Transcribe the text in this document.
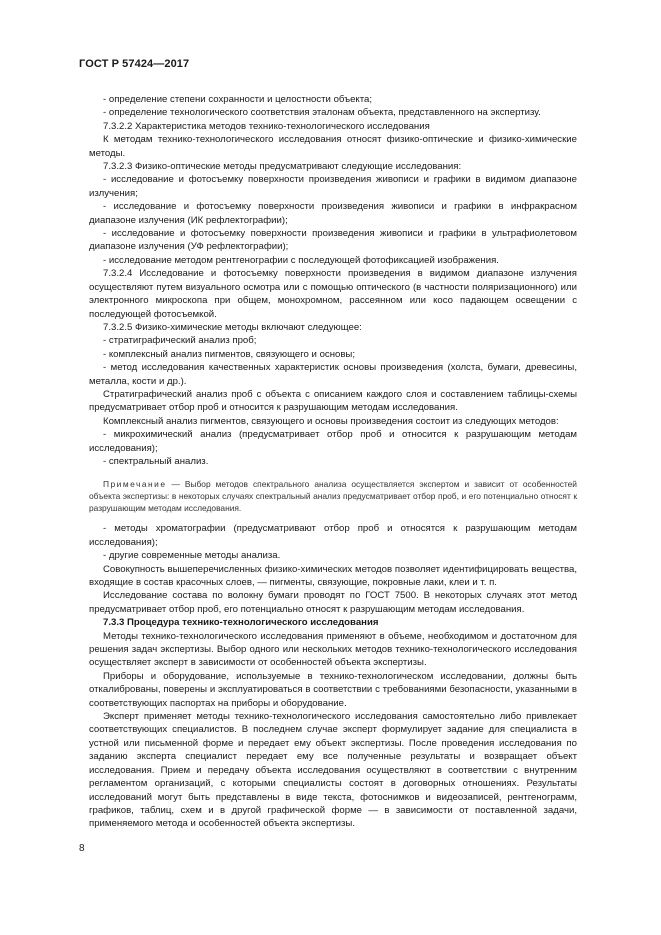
ГОСТ Р 57424—2017

- определение степени сохранности и целостности объекта;

- определение технологического соответствия эталонам объекта, представленного на экспертизу.

7.3.2.2 Характеристика методов технико-технологического исследования

К методам технико-технологического исследования относят физико-оптические и физико-химические методы.

7.3.2.3 Физико-оптические методы предусматривают следующие исследования:

- исследование и фотосъемку поверхности произведения живописи и графики в видимом диапазоне излучения;

- исследование и фотосъемку поверхности произведения живописи и графики в инфракрасном диапазоне излучения (ИК рефлектографии);

- исследование и фотосъемку поверхности произведения живописи и графики в ультрафиолетовом диапазоне излучения (УФ рефлектографии);

- исследование методом рентгенографии с последующей фотофиксацией изображения.

7.3.2.4 Исследование и фотосъемку поверхности произведения в видимом диапазоне излучения осуществляют путем визуального осмотра или с помощью оптического (в частности поляризационного) или электронного микроскопа при общем, монохромном, рассеянном или косо падающем освещении с последующей фотосъемкой.

7.3.2.5 Физико-химические методы включают следующее:

- стратиграфический анализ проб;

- комплексный анализ пигментов, связующего и основы;

- метод исследования качественных характеристик основы произведения (холста, бумаги, древесины, металла, кости и др.).

Стратиграфический анализ проб с объекта с описанием каждого слоя и составлением таблицы-схемы предусматривает отбор проб и относится к разрушающим методам исследования.

Комплексный анализ пигментов, связующего и основы произведения состоит из следующих методов:

- микрохимический анализ (предусматривает отбор проб и относится к разрушающим методам исследования);

- спектральный анализ.

Примечание — Выбор методов спектрального анализа осуществляется экспертом и зависит от особенностей объекта экспертизы: в некоторых случаях спектральный анализ предусматривает отбор проб, и его потенциально относят к разрушающим методам исследования.

- методы хроматографии (предусматривают отбор проб и относятся к разрушающим методам исследования);

- другие современные методы анализа.

Совокупность вышеперечисленных физико-химических методов позволяет идентифицировать вещества, входящие в состав красочных слоев, — пигменты, связующие, покровные лаки, клеи и т. п.

Исследование состава по волокну бумаги проводят по ГОСТ 7500. В некоторых случаях этот метод предусматривает отбор проб, его потенциально относят к разрушающим методам исследования.

7.3.3 Процедура технико-технологического исследования

Методы технико-технологического исследования применяют в объеме, необходимом и достаточном для решения задач экспертизы. Выбор одного или нескольких методов технико-технологического исследования осуществляет эксперт в зависимости от особенностей объекта экспертизы.

Приборы и оборудование, используемые в технико-технологическом исследовании, должны быть откалиброваны, поверены и эксплуатироваться в соответствии с требованиями безопасности, указанными в соответствующих паспортах на приборы и оборудование.

Эксперт применяет методы технико-технологического исследования самостоятельно либо привлекает соответствующих специалистов. В последнем случае эксперт формулирует задание для специалиста в устной или письменной форме и передает ему объект экспертизы. После проведения исследования по заданию эксперта специалист передает ему все полученные результаты и возвращает объект исследования. Прием и передачу объекта исследования осуществляют в соответствии с внутренним регламентом организаций, с которыми специалисты состоят в договорных отношениях. Результаты исследований могут быть представлены в виде текста, фотоснимков и видеозаписей, рентгенограмм, графиков, таблиц, схем и в другой графической форме — в зависимости от поставленной задачи, применяемого метода и особенностей объекта экспертизы.

8
